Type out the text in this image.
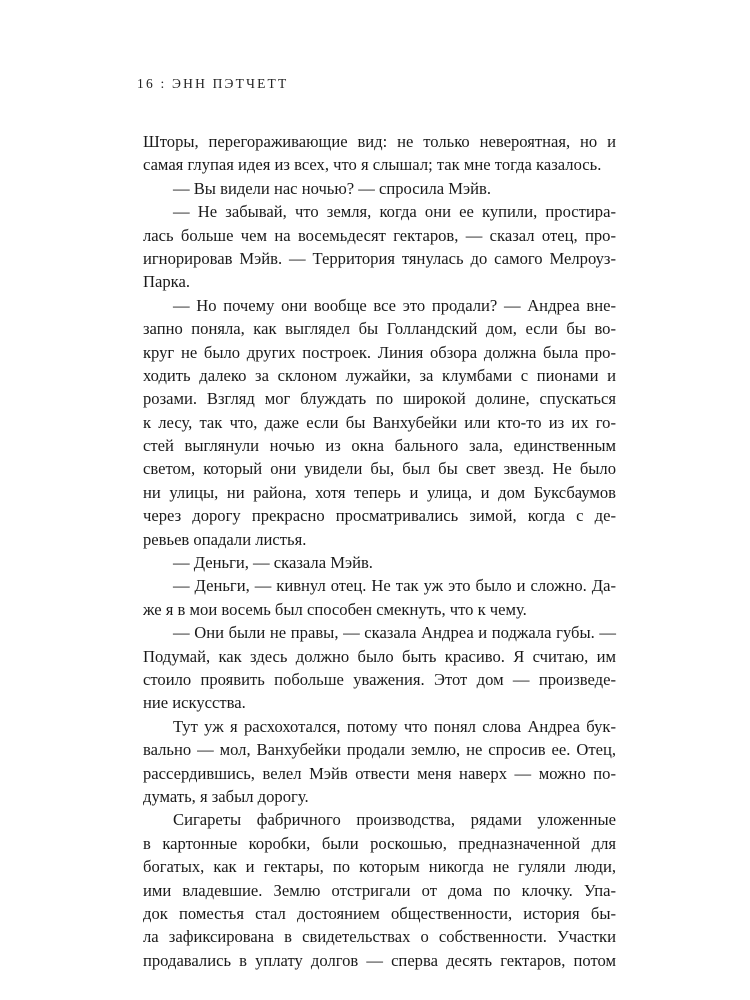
16 : ЭНН ПЭТЧЕТТ
Шторы, перегораживающие вид: не только невероятная, но и
самая глупая идея из всех, что я слышал; так мне тогда казалось.
— Вы видели нас ночью? — спросила Мэйв.
— Не забывай, что земля, когда они ее купили, простира-
лась больше чем на восемьдесят гектаров, — сказал отец, про-
игнорировав Мэйв. — Территория тянулась до самого Мелроуз-
Парка.
— Но почему они вообще все это продали? — Андреа вне-
запно поняла, как выглядел бы Голландский дом, если бы во-
круг не было других построек. Линия обзора должна была про-
ходить далеко за склоном лужайки, за клумбами с пионами и
розами. Взгляд мог блуждать по широкой долине, спускаться
к лесу, так что, даже если бы Ванхубейки или кто-то из их го-
стей выглянули ночью из окна бального зала, единственным
светом, который они увидели бы, был бы свет звезд. Не было
ни улицы, ни района, хотя теперь и улица, и дом Буксбаумов
через дорогу прекрасно просматривались зимой, когда с де-
ревьев опадали листья.
— Деньги, — сказала Мэйв.
— Деньги, — кивнул отец. Не так уж это было и сложно. Да-
же я в мои восемь был способен смекнуть, что к чему.
— Они были не правы, — сказала Андреа и поджала губы. —
Подумай, как здесь должно было быть красиво. Я считаю, им
стоило проявить побольше уважения. Этот дом — произведе-
ние искусства.
Тут уж я расхохотался, потому что понял слова Андреа бук-
вально — мол, Ванхубейки продали землю, не спросив ее. Отец,
рассердившись, велел Мэйв отвести меня наверх — можно по-
думать, я забыл дорогу.
Сигареты фабричного производства, рядами уложенные
в картонные коробки, были роскошью, предназначенной для
богатых, как и гектары, по которым никогда не гуляли люди,
ими владевшие. Землю отстригали от дома по клочку. Упа-
док поместья стал достоянием общественности, история бы-
ла зафиксирована в свидетельствах о собственности. Участки
продавались в уплату долгов — сперва десять гектаров, потом
